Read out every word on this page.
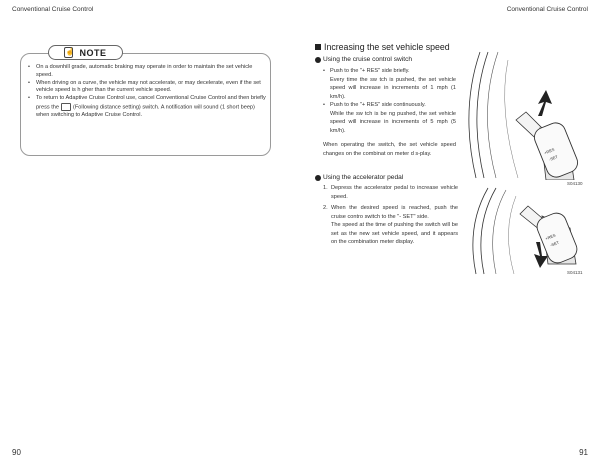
Conventional Cruise Control	Conventional Cruise Control
☝ NOTE
• On a downhill grade, automatic braking may operate in order to maintain the set vehicle speed.
• When driving on a curve, the vehicle may not accelerate, or may decelerate, even if the set vehicle speed is h gher than the current vehicle speed.
• To return to Adaptive Cruise Control use, cancel Conventional Cruise Control and then briefly press the	(Following distance setting) switch. A notification will sound (1 short beep) when switching to Adaptive Cruise Control.
Increasing the set vehicle speed
Using the cruise control switch
• Push to the "+ RES" side briefly.
Every time the sw tch is pushed, the set vehicle speed will increase in increments of 1 mph (1 km/h).
• Push to the "+ RES" side continuously.
While the sw tch is be ng pushed, the set vehicle speed will increase in increments of 5 mph (5 km/h).
When operating the switch, the set vehicle speed changes on the combinat on meter d s-play.	+RES
-SET
S04130
Using the accelerator pedal
1. Depress the accelerator pedal to increase vehicle speed.
2. When the desired speed is reached, push the cruise contro switch to the "- SET" side.
The speed at the time of pushing the switch will be set as the new set vehicle speed, and it appears on the combination meter display.
+RES
-SET
S04131
90	91
